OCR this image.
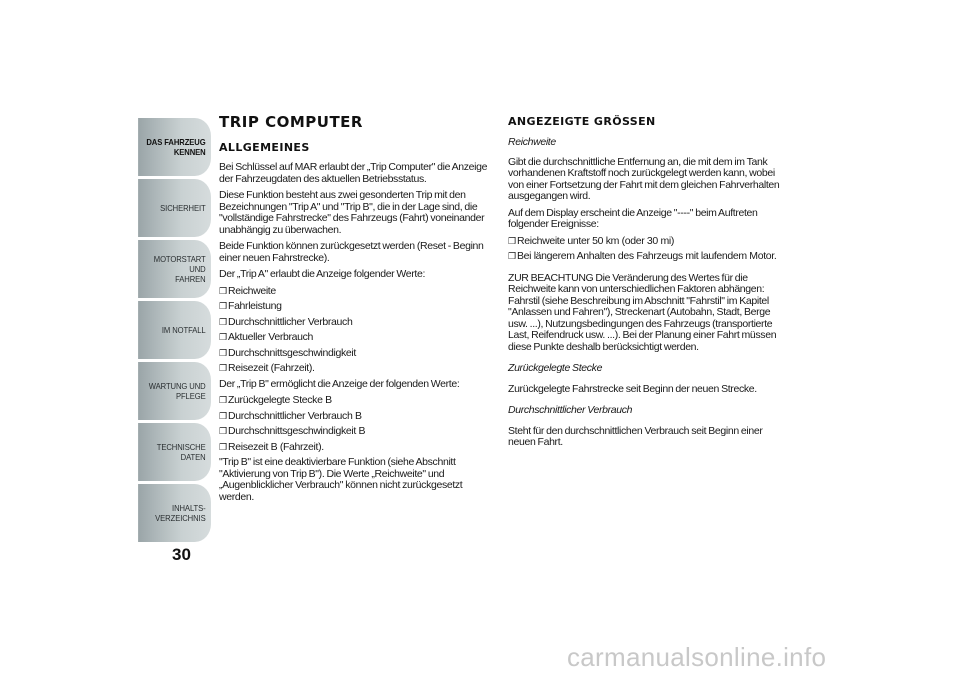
DAS FAHRZEUG
KENNEN
SICHERHEIT
MOTORSTART UND
FAHREN
IM NOTFALL
WARTUNG UND
PFLEGE
TECHNISCHE DATEN
INHALTS-
VERZEICHNIS
30
TRIP COMPUTER
ALLGEMEINES

Bei Schlüssel auf MAR erlaubt der „Trip Computer" die Anzeige der Fahrzeugdaten des aktuellen Betriebsstatus.

Diese Funktion besteht aus zwei gesonderten Trip mit den Bezeichnungen "Trip A" und "Trip B", die in der Lage sind, die "vollständige Fahrstrecke" des Fahrzeugs (Fahrt) voneinander unabhängig zu überwachen.

Beide Funktion können zurückgesetzt werden (Reset - Beginn einer neuen Fahrstrecke).

Der „Trip A" erlaubt die Anzeige folgender Werte:

❒Reichweite
❒Fahrleistung
❒Durchschnittlicher Verbrauch
❒Aktueller Verbrauch
❒Durchschnittsgeschwindigkeit
❒Reisezeit (Fahrzeit).

Der „Trip B" ermöglicht die Anzeige der folgenden Werte:

❒Zurückgelegte Stecke B
❒Durchschnittlicher Verbrauch B
❒Durchschnittsgeschwindigkeit B
❒Reisezeit B (Fahrzeit).

"Trip B" ist eine deaktivierbare Funktion (siehe Abschnitt "Aktivierung von Trip B"). Die Werte „Reichweite" und „Augenblicklicher Verbrauch" können nicht zurückgesetzt werden.

ANGEZEIGTE GRÖSSEN

Reichweite

Gibt die durchschnittliche Entfernung an, die mit dem im Tank vorhandenen Kraftstoff noch zurückgelegt werden kann, wobei von einer Fortsetzung der Fahrt mit dem gleichen Fahrverhalten ausgegangen wird.

Auf dem Display erscheint die Anzeige "----" beim Auftreten folgender Ereignisse:

❒Reichweite unter 50 km (oder 30 mi)
❒Bei längerem Anhalten des Fahrzeugs mit laufendem Motor.

ZUR BEACHTUNG Die Veränderung des Wertes für die Reichweite kann von unterschiedlichen Faktoren abhängen: Fahrstil (siehe Beschreibung im Abschnitt "Fahrstil" im Kapitel "Anlassen und Fahren"), Streckenart (Autobahn, Stadt, Berge usw. ...), Nutzungsbedingungen des Fahrzeugs (transportierte Last, Reifendruck usw. ...). Bei der Planung einer Fahrt müssen diese Punkte deshalb berücksichtigt werden.

Zurückgelegte Stecke

Zurückgelegte Fahrstrecke seit Beginn der neuen Strecke.

Durchschnittlicher Verbrauch

Steht für den durchschnittlichen Verbrauch seit Beginn einer neuen Fahrt.

carmanualsonline.info
